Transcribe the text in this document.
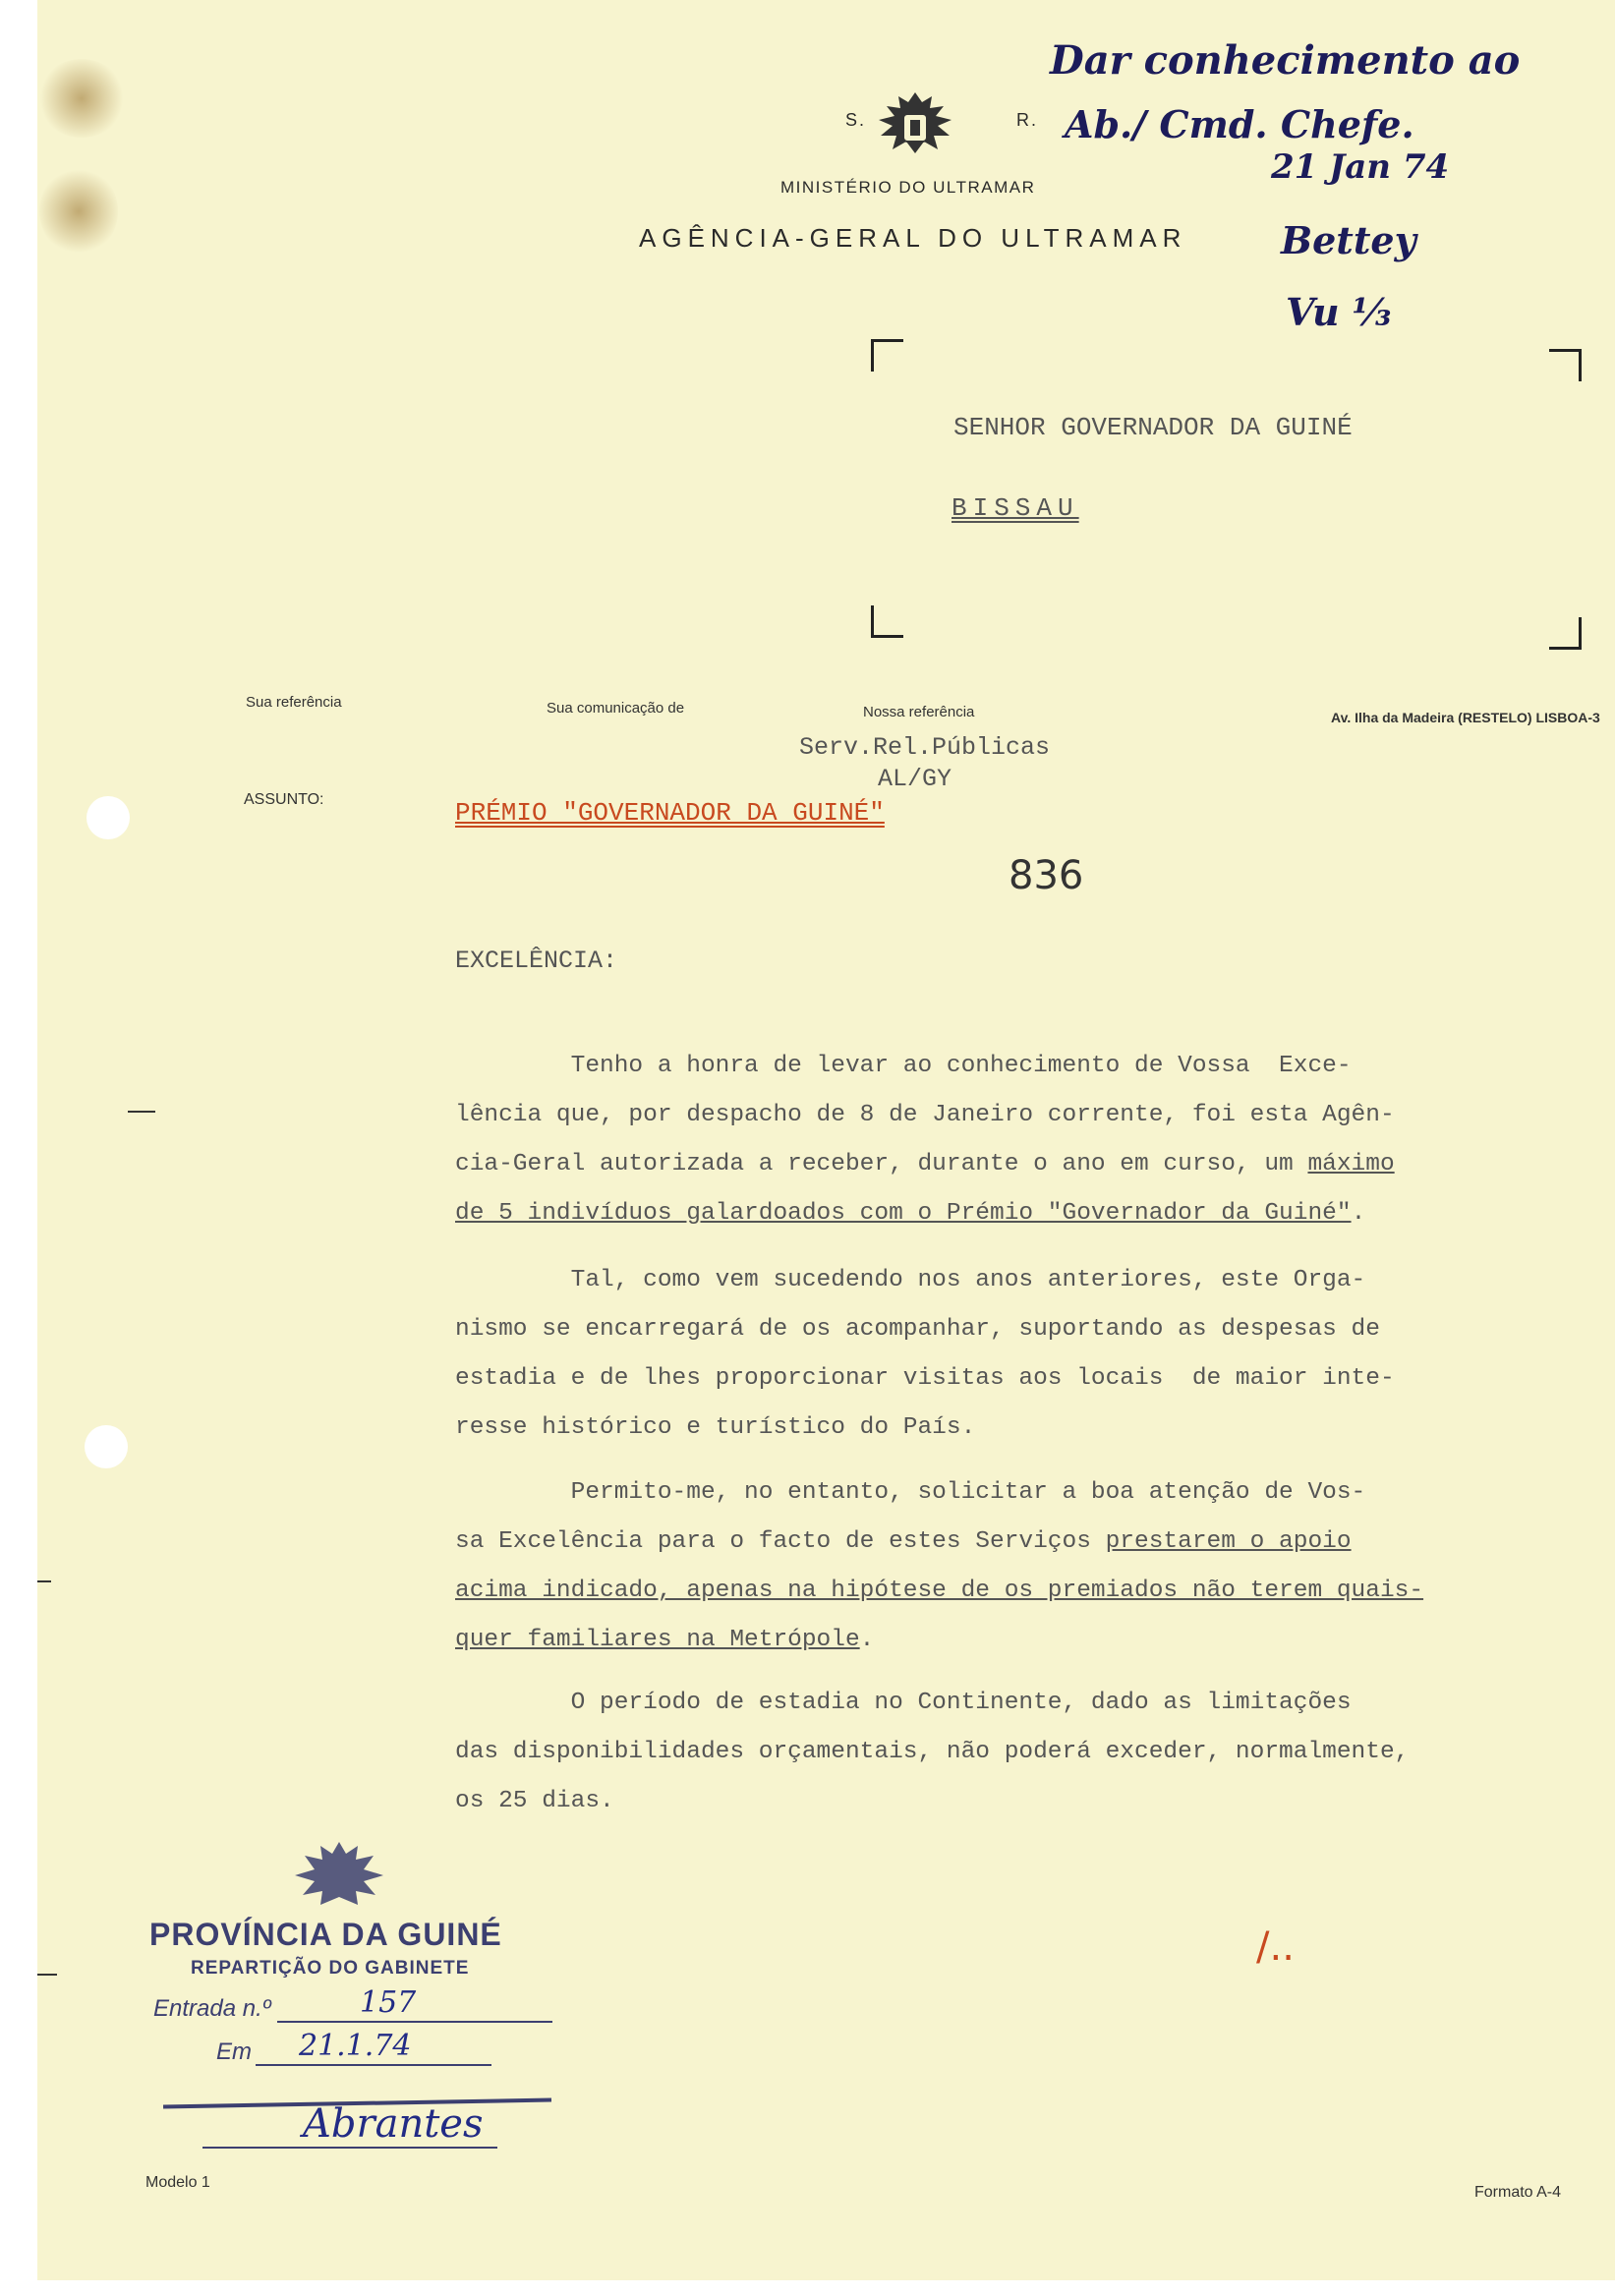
S.	R.
MINISTÉRIO DO ULTRAMAR
AGÊNCIA-GERAL DO ULTRAMAR
Dar conhecimento ao
Ab./ Cmd. Chefe.
21 Jan 74
Bettey
Vu ⅓
SENHOR GOVERNADOR DA GUINÉ
BISSAU
Sua referência	Sua comunicação de	Nossa referência	Av. Ilha da Madeira (RESTELO) LISBOA-3
Serv.Rel.Públicas
AL/GY
ASSUNTO:	PRÉMIO "GOVERNADOR DA GUINÉ"
836
EXCELÊNCIA:
Tenho a honra de levar ao conhecimento de Vossa  Exce-
lência que, por despacho de 8 de Janeiro corrente, foi esta Agên-
cia-Geral autorizada a receber, durante o ano em curso, um máximo
de 5 indivíduos galardoados com o Prémio "Governador da Guiné".
Tal, como vem sucedendo nos anos anteriores, este Orga-
nismo se encarregará de os acompanhar, suportando as despesas de
estadia e de lhes proporcionar visitas aos locais  de maior inte-
resse histórico e turístico do País.
Permito-me, no entanto, solicitar a boa atenção de Vos-
sa Excelência para o facto de estes Serviços prestarem o apoio
acima indicado, apenas na hipótese de os premiados não terem quais-
quer familiares na Metrópole.
O período de estadia no Continente, dado as limitações
das disponibilidades orçamentais, não poderá exceder, normalmente,
os 25 dias.
/..
PROVÍNCIA DA GUINÉ
REPARTIÇÃO DO GABINETE
Entrada n.º	157
Em 21.1.74
Abrantes
Modelo 1
Formato A-4
